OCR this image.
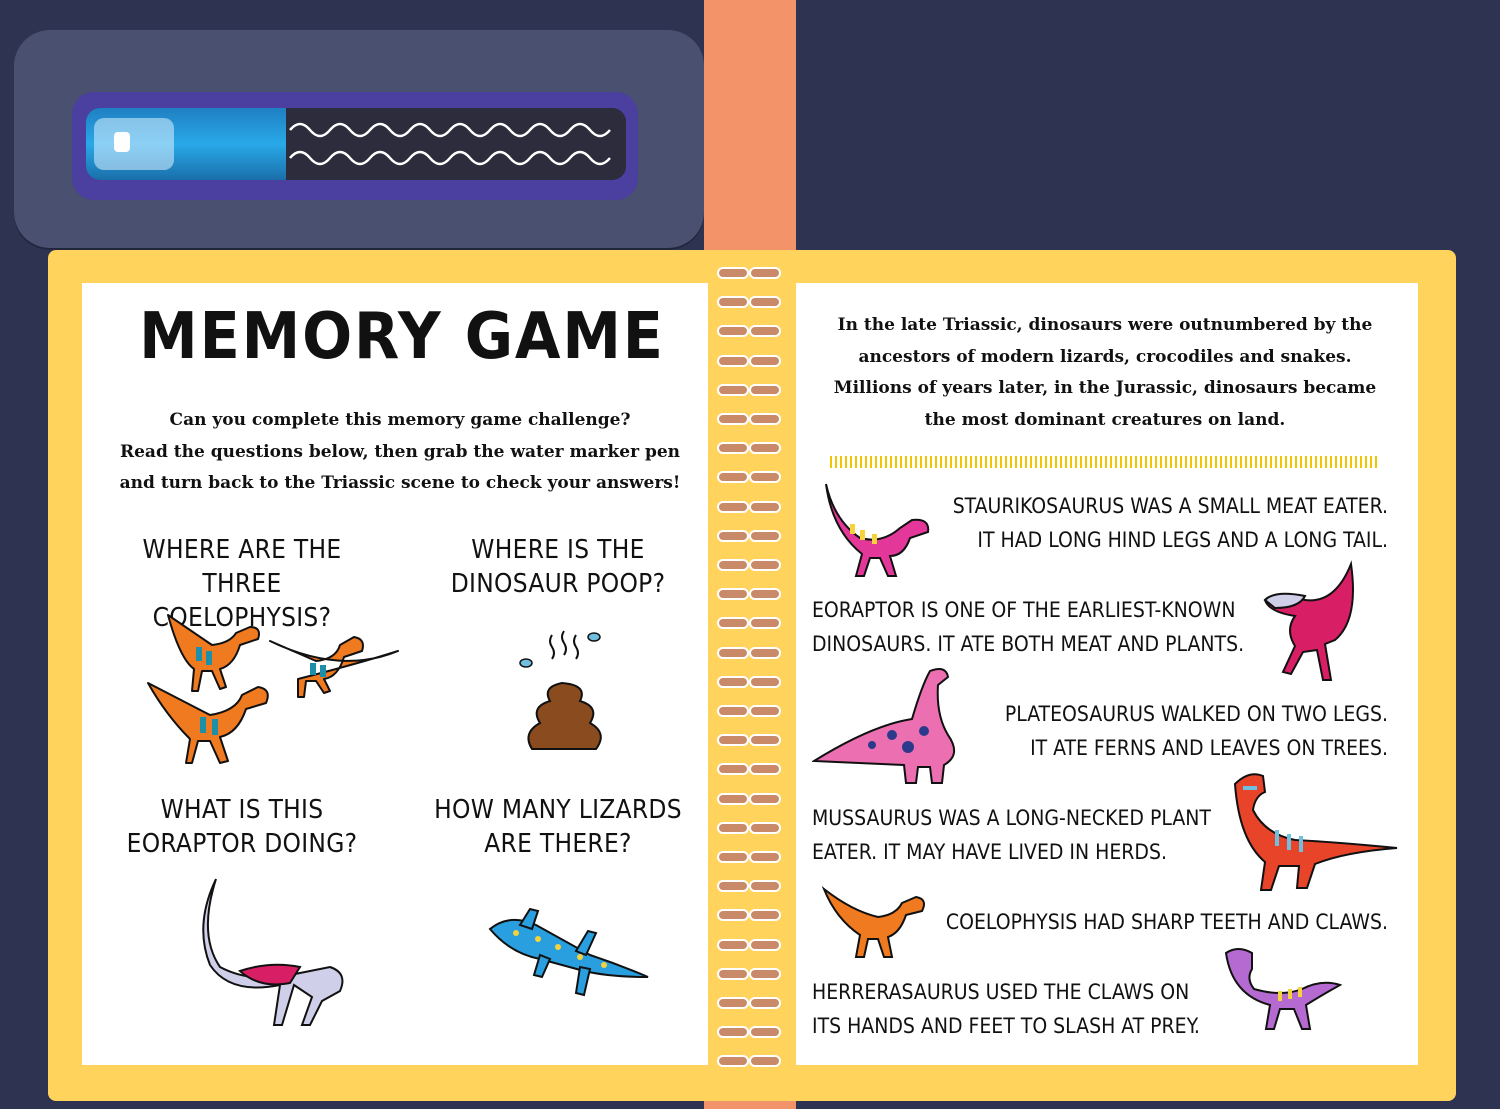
MEMORY GAME
Can you complete this memory game challenge?
Read the questions below, then grab the water marker pen
and turn back to the Triassic scene to check your answers!
WHERE ARE THE THREE
COELOPHYSIS?
WHERE IS THE
DINOSAUR POOP?
WHAT IS THIS
EORAPTOR DOING?
HOW MANY LIZARDS
ARE THERE?
In the late Triassic, dinosaurs were outnumbered by the
ancestors of modern lizards, crocodiles and snakes.
Millions of years later, in the Jurassic, dinosaurs became
the most dominant creatures on land.
STAURIKOSAURUS WAS A SMALL MEAT EATER.
IT HAD LONG HIND LEGS AND A LONG TAIL.
EORAPTOR IS ONE OF THE EARLIEST-KNOWN
DINOSAURS. IT ATE BOTH MEAT AND PLANTS.
PLATEOSAURUS WALKED ON TWO LEGS.
IT ATE FERNS AND LEAVES ON TREES.
MUSSAURUS WAS A LONG-NECKED PLANT
EATER. IT MAY HAVE LIVED IN HERDS.
COELOPHYSIS HAD SHARP TEETH AND CLAWS.
HERRERASAURUS USED THE CLAWS ON
ITS HANDS AND FEET TO SLASH AT PREY.
